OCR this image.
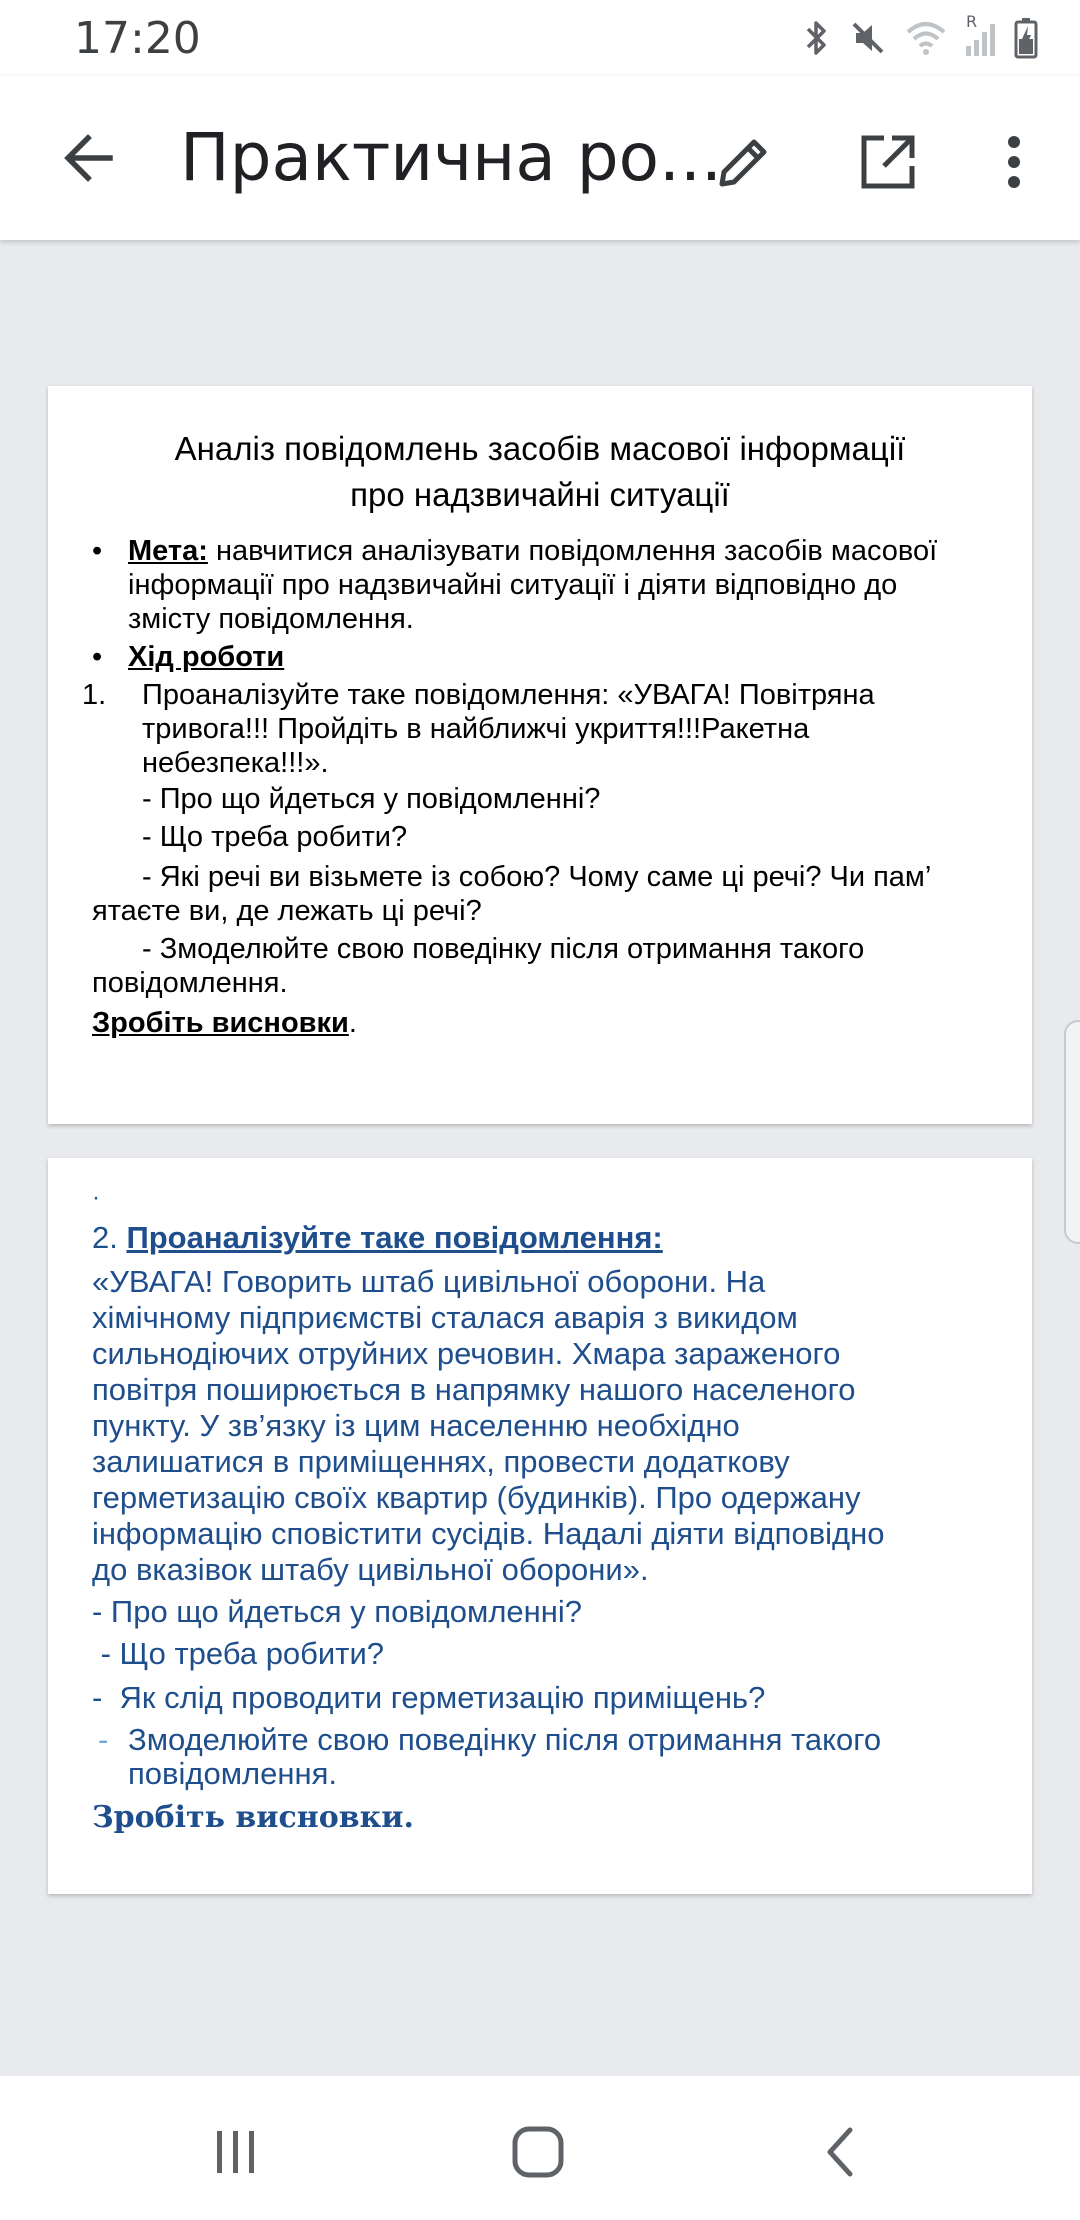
17:20	R
Практична ро...
Аналіз повідомлень засобів масової інформації
про надзвичайні ситуації
• Мета: навчитися аналізувати повідомлення засобів масової
інформації про надзвичайні ситуації і діяти відповідно до
змісту повідомлення.
• Хід роботи
1. Проаналізуйте таке повідомлення: «УВАГА! Повітряна
тривога!!! Пройдіть в найближчі укриття!!!Ракетна
небезпека!!!».
- Про що йдеться у повідомленні?
- Що треба робити?
- Які речі ви візьмете із собою? Чому саме ці речі? Чи пам’
ятаєте ви, де лежать ці речі?
- Змоделюйте свою поведінку після отримання такого
повідомлення.
Зробіть висновки.
·
2. Проаналізуйте таке повідомлення:
«УВАГА! Говорить штаб цивільної оборони. На
хімічному підприємстві сталася аварія з викидом
сильнодіючих отруйних речовин. Хмара зараженого
повітря поширюється в напрямку нашого населеного
пункту. У зв’язку із цим населенню необхідно
залишатися в приміщеннях, провести додаткову
герметизацію своїх квартир (будинків). Про одержану
інформацію сповістити сусідів. Надалі діяти відповідно
до вказівок штабу цивільної оборони».
- Про що йдеться у повідомленні?
- Що треба робити?
-  Як слід проводити герметизацію приміщень?
- Змоделюйте свою поведінку після отримання такого
повідомлення.
Зробіть висновки.
